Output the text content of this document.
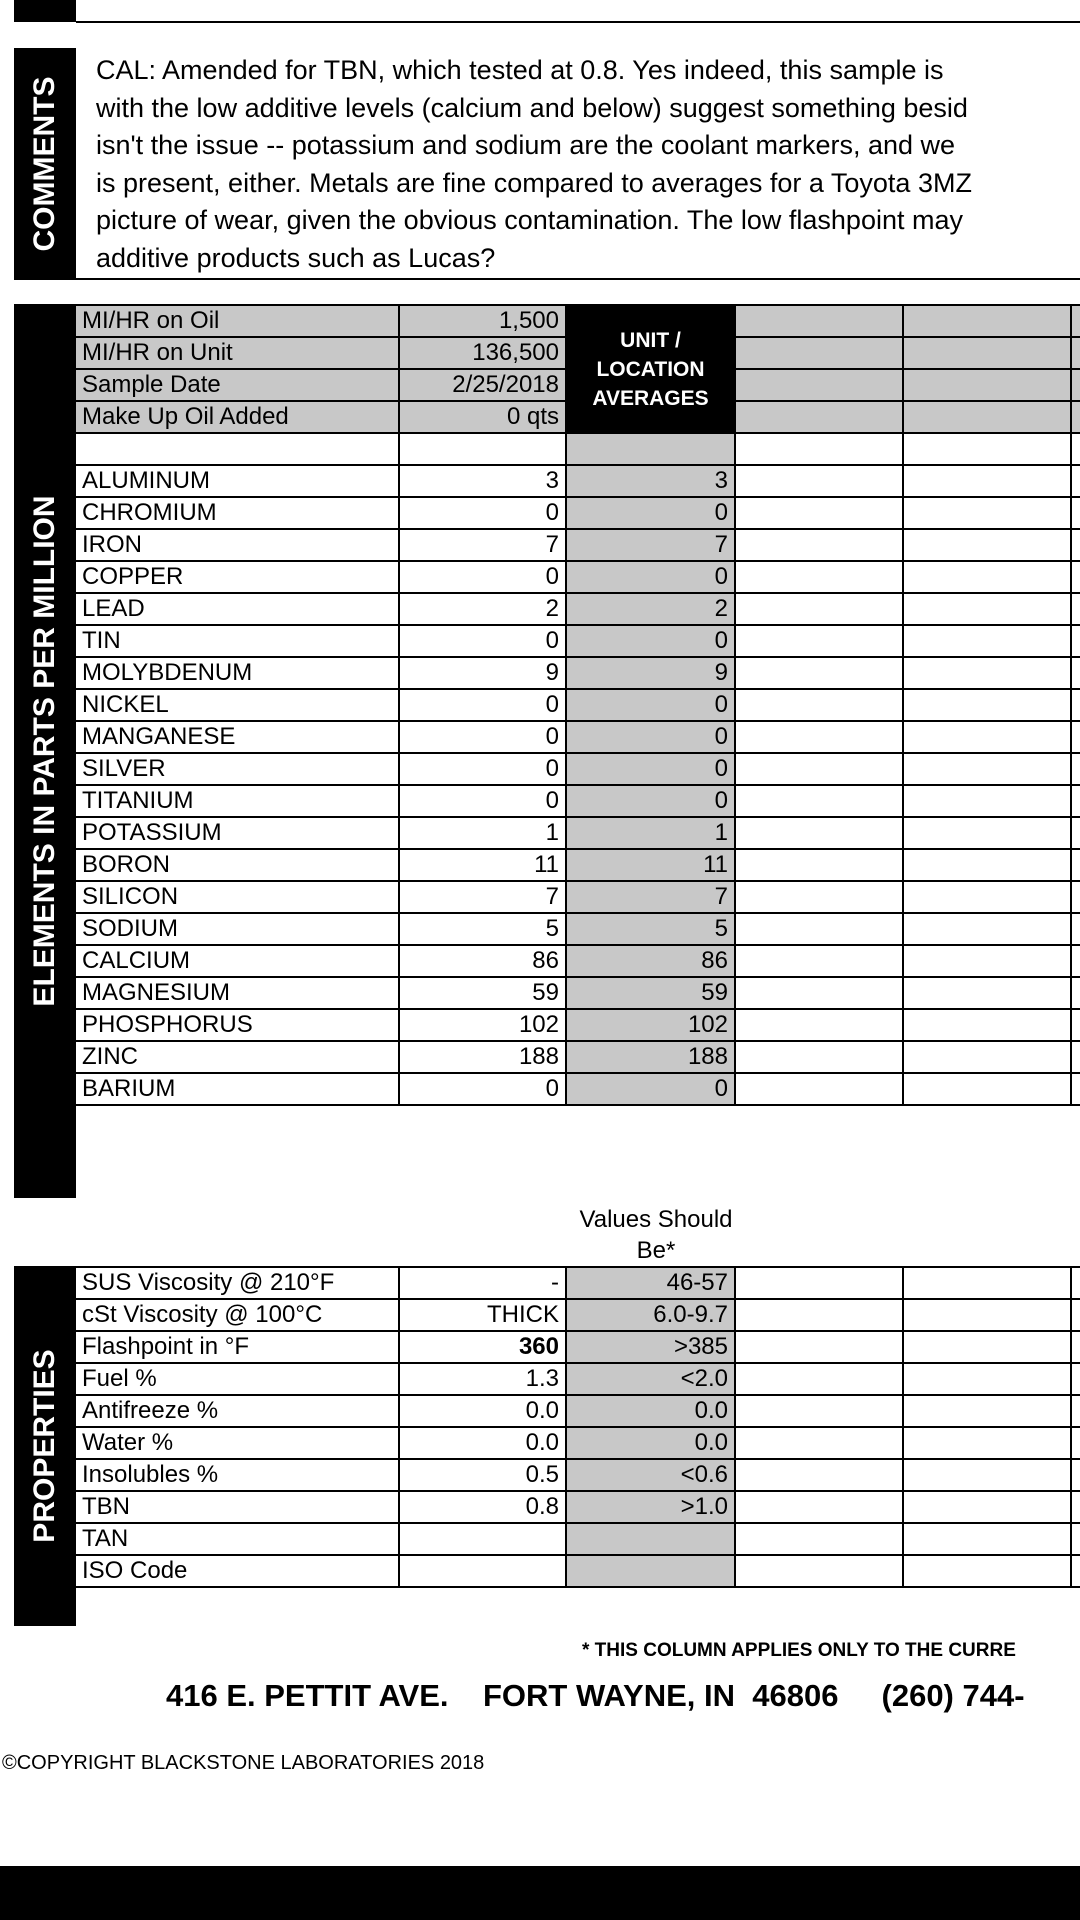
COMMENTS
CAL: Amended for TBN, which tested at 0.8. Yes indeed, this sample is
with the low additive levels (calcium and below) suggest something besid
isn't the issue -- potassium and sodium are the coolant markers, and we
is present, either. Metals are fine compared to averages for a Toyota 3MZ
picture of wear, given the obvious contamination. The low flashpoint may
additive products such as Lucas?
ELEMENTS IN PARTS PER MILLION
MI/HR on Oil	1,500	UNIT / LOCATION AVERAGES			
MI/HR on Unit	136,500				
Sample Date	2/25/2018				
Make Up Oil Added	0 qts				

ALUMINUM	3	3			
CHROMIUM	0	0			
IRON	7	7			
COPPER	0	0			
LEAD	2	2			
TIN	0	0			
MOLYBDENUM	9	9			
NICKEL	0	0			
MANGANESE	0	0			
SILVER	0	0			
TITANIUM	0	0			
POTASSIUM	1	1			
BORON	11	11			
SILICON	7	7			
SODIUM	5	5			
CALCIUM	86	86			
MAGNESIUM	59	59			
PHOSPHORUS	102	102			
ZINC	188	188			
BARIUM	0	0			
Values Should Be*
PROPERTIES
SUS Viscosity @ 210°F	-	46-57			
cSt Viscosity @ 100°C	THICK	6.0-9.7			
Flashpoint in °F	360	>385			
Fuel %	1.3	<2.0			
Antifreeze %	0.0	0.0			
Water %	0.0	0.0			
Insolubles %	0.5	<0.6			
TBN	0.8	>1.0			
TAN					
ISO Code					
* THIS COLUMN APPLIES ONLY TO THE CURRE
416 E. PETTIT AVE.    FORT WAYNE, IN  46806     (260) 744-
©COPYRIGHT BLACKSTONE LABORATORIES 2018
